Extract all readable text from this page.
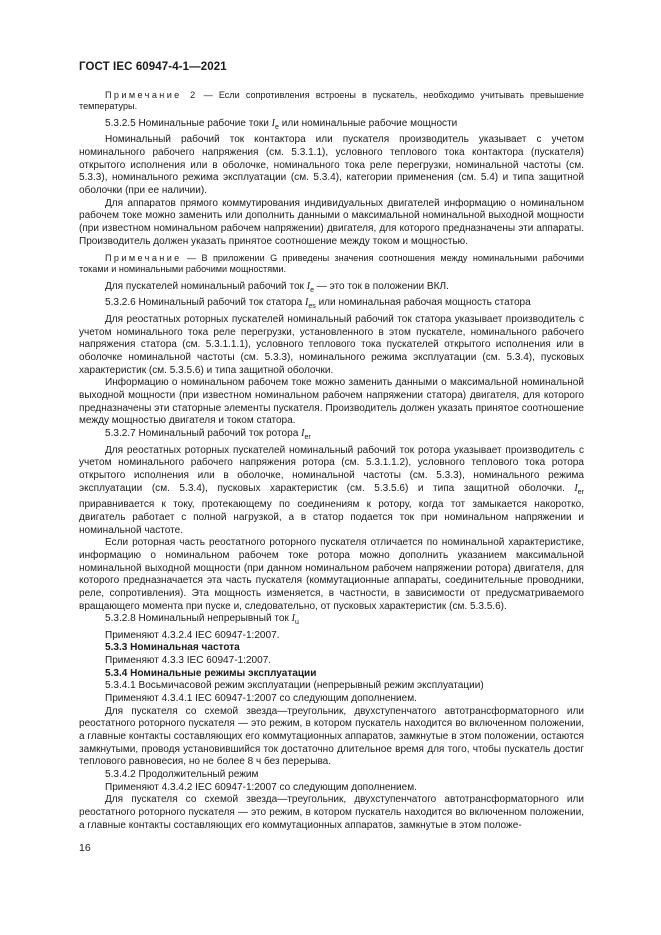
ГОСТ IEC 60947-4-1—2021

Примечание 2 — Если сопротивления встроены в пускатель, необходимо учитывать превышение температуры.

5.3.2.5 Номинальные рабочие токи $I_e$ или номинальные рабочие мощности

Номинальный рабочий ток контактора или пускателя производитель указывает с учетом номинального рабочего напряжения (см. 5.3.1.1), условного теплового тока контактора (пускателя) открытого исполнения или в оболочке, номинального тока реле перегрузки, номинальной частоты (см. 5.3.3), номинального режима эксплуатации (см. 5.3.4), категории применения (см. 5.4) и типа защитной оболочки (при ее наличии).

Для аппаратов прямого коммутирования индивидуальных двигателей информацию о номинальном рабочем токе можно заменить или дополнить данными о максимальной номинальной выходной мощности (при известном номинальном рабочем напряжении) двигателя, для которого предназначены эти аппараты. Производитель должен указать принятое соотношение между током и мощностью.

Примечание — В приложении G приведены значения соотношения между номинальными рабочими токами и номинальными рабочими мощностями.

Для пускателей номинальный рабочий ток $I_e$ — это ток в положении ВКЛ.

5.3.2.6 Номинальный рабочий ток статора $I_{es}$ или номинальная рабочая мощность статора

Для реостатных роторных пускателей номинальный рабочий ток статора указывает производитель с учетом номинального тока реле перегрузки, установленного в этом пускателе, номинального рабочего напряжения статора (см. 5.3.1.1.1), условного теплового тока пускателей открытого исполнения или в оболочке номинальной частоты (см. 5.3.3), номинального режима эксплуатации (см. 5.3.4), пусковых характеристик (см. 5.3.5.6) и типа защитной оболочки.

Информацию о номинальном рабочем токе можно заменить данными о максимальной номинальной выходной мощности (при известном номинальном рабочем напряжении статора) двигателя, для которого предназначены эти статорные элементы пускателя. Производитель должен указать принятое соотношение между мощностью двигателя и током статора.

5.3.2.7 Номинальный рабочий ток ротора $I_{er}$

Для реостатных роторных пускателей номинальный рабочий ток ротора указывает производитель с учетом номинального рабочего напряжения ротора (см. 5.3.1.1.2), условного теплового тока ротора открытого исполнения или в оболочке, номинальной частоты (см. 5.3.3), номинального режима эксплуатации (см. 5.3.4), пусковых характеристик (см. 5.3.5.6) и типа защитной оболочки. $I_{er}$ приравнивается к току, протекающему по соединениям к ротору, когда тот замыкается накоротко, двигатель работает с полной нагрузкой, а в статор подается ток при номинальном напряжении и номинальной частоте.

Если роторная часть реостатного роторного пускателя отличается по номинальной характеристике, информацию о номинальном рабочем токе ротора можно дополнить указанием максимальной номинальной выходной мощности (при данном номинальном рабочем напряжении ротора) двигателя, для которого предназначается эта часть пускателя (коммутационные аппараты, соединительные проводники, реле, сопротивления). Эта мощность изменяется, в частности, в зависимости от предусматриваемого вращающего момента при пуске и, следовательно, от пусковых характеристик (см. 5.3.5.6).

5.3.2.8 Номинальный непрерывный ток $I_u$

Применяют 4.3.2.4 IEC 60947-1:2007.

5.3.3 Номинальная частота

Применяют 4.3.3 IEC 60947-1:2007.

5.3.4 Номинальные режимы эксплуатации

5.3.4.1 Восьмичасовой режим эксплуатации (непрерывный режим эксплуатации)

Применяют 4.3.4.1 IEC 60947-1:2007 со следующим дополнением.

Для пускателя со схемой звезда—треугольник, двухступенчатого автотрансформаторного или реостатного роторного пускателя — это режим, в котором пускатель находится во включенном положении, а главные контакты составляющих его коммутационных аппаратов, замкнутые в этом положении, остаются замкнутыми, проводя установившийся ток достаточно длительное время для того, чтобы пускатель достиг теплового равновесия, но не более 8 ч без перерыва.

5.3.4.2 Продолжительный режим

Применяют 4.3.4.2 IEC 60947-1:2007 со следующим дополнением.

Для пускателя со схемой звезда—треугольник, двухступенчатого автотрансформаторного или реостатного роторного пускателя — это режим, в котором пускатель находится во включенном положении, а главные контакты составляющих его коммутационных аппаратов, замкнутые в этом положе-

16
